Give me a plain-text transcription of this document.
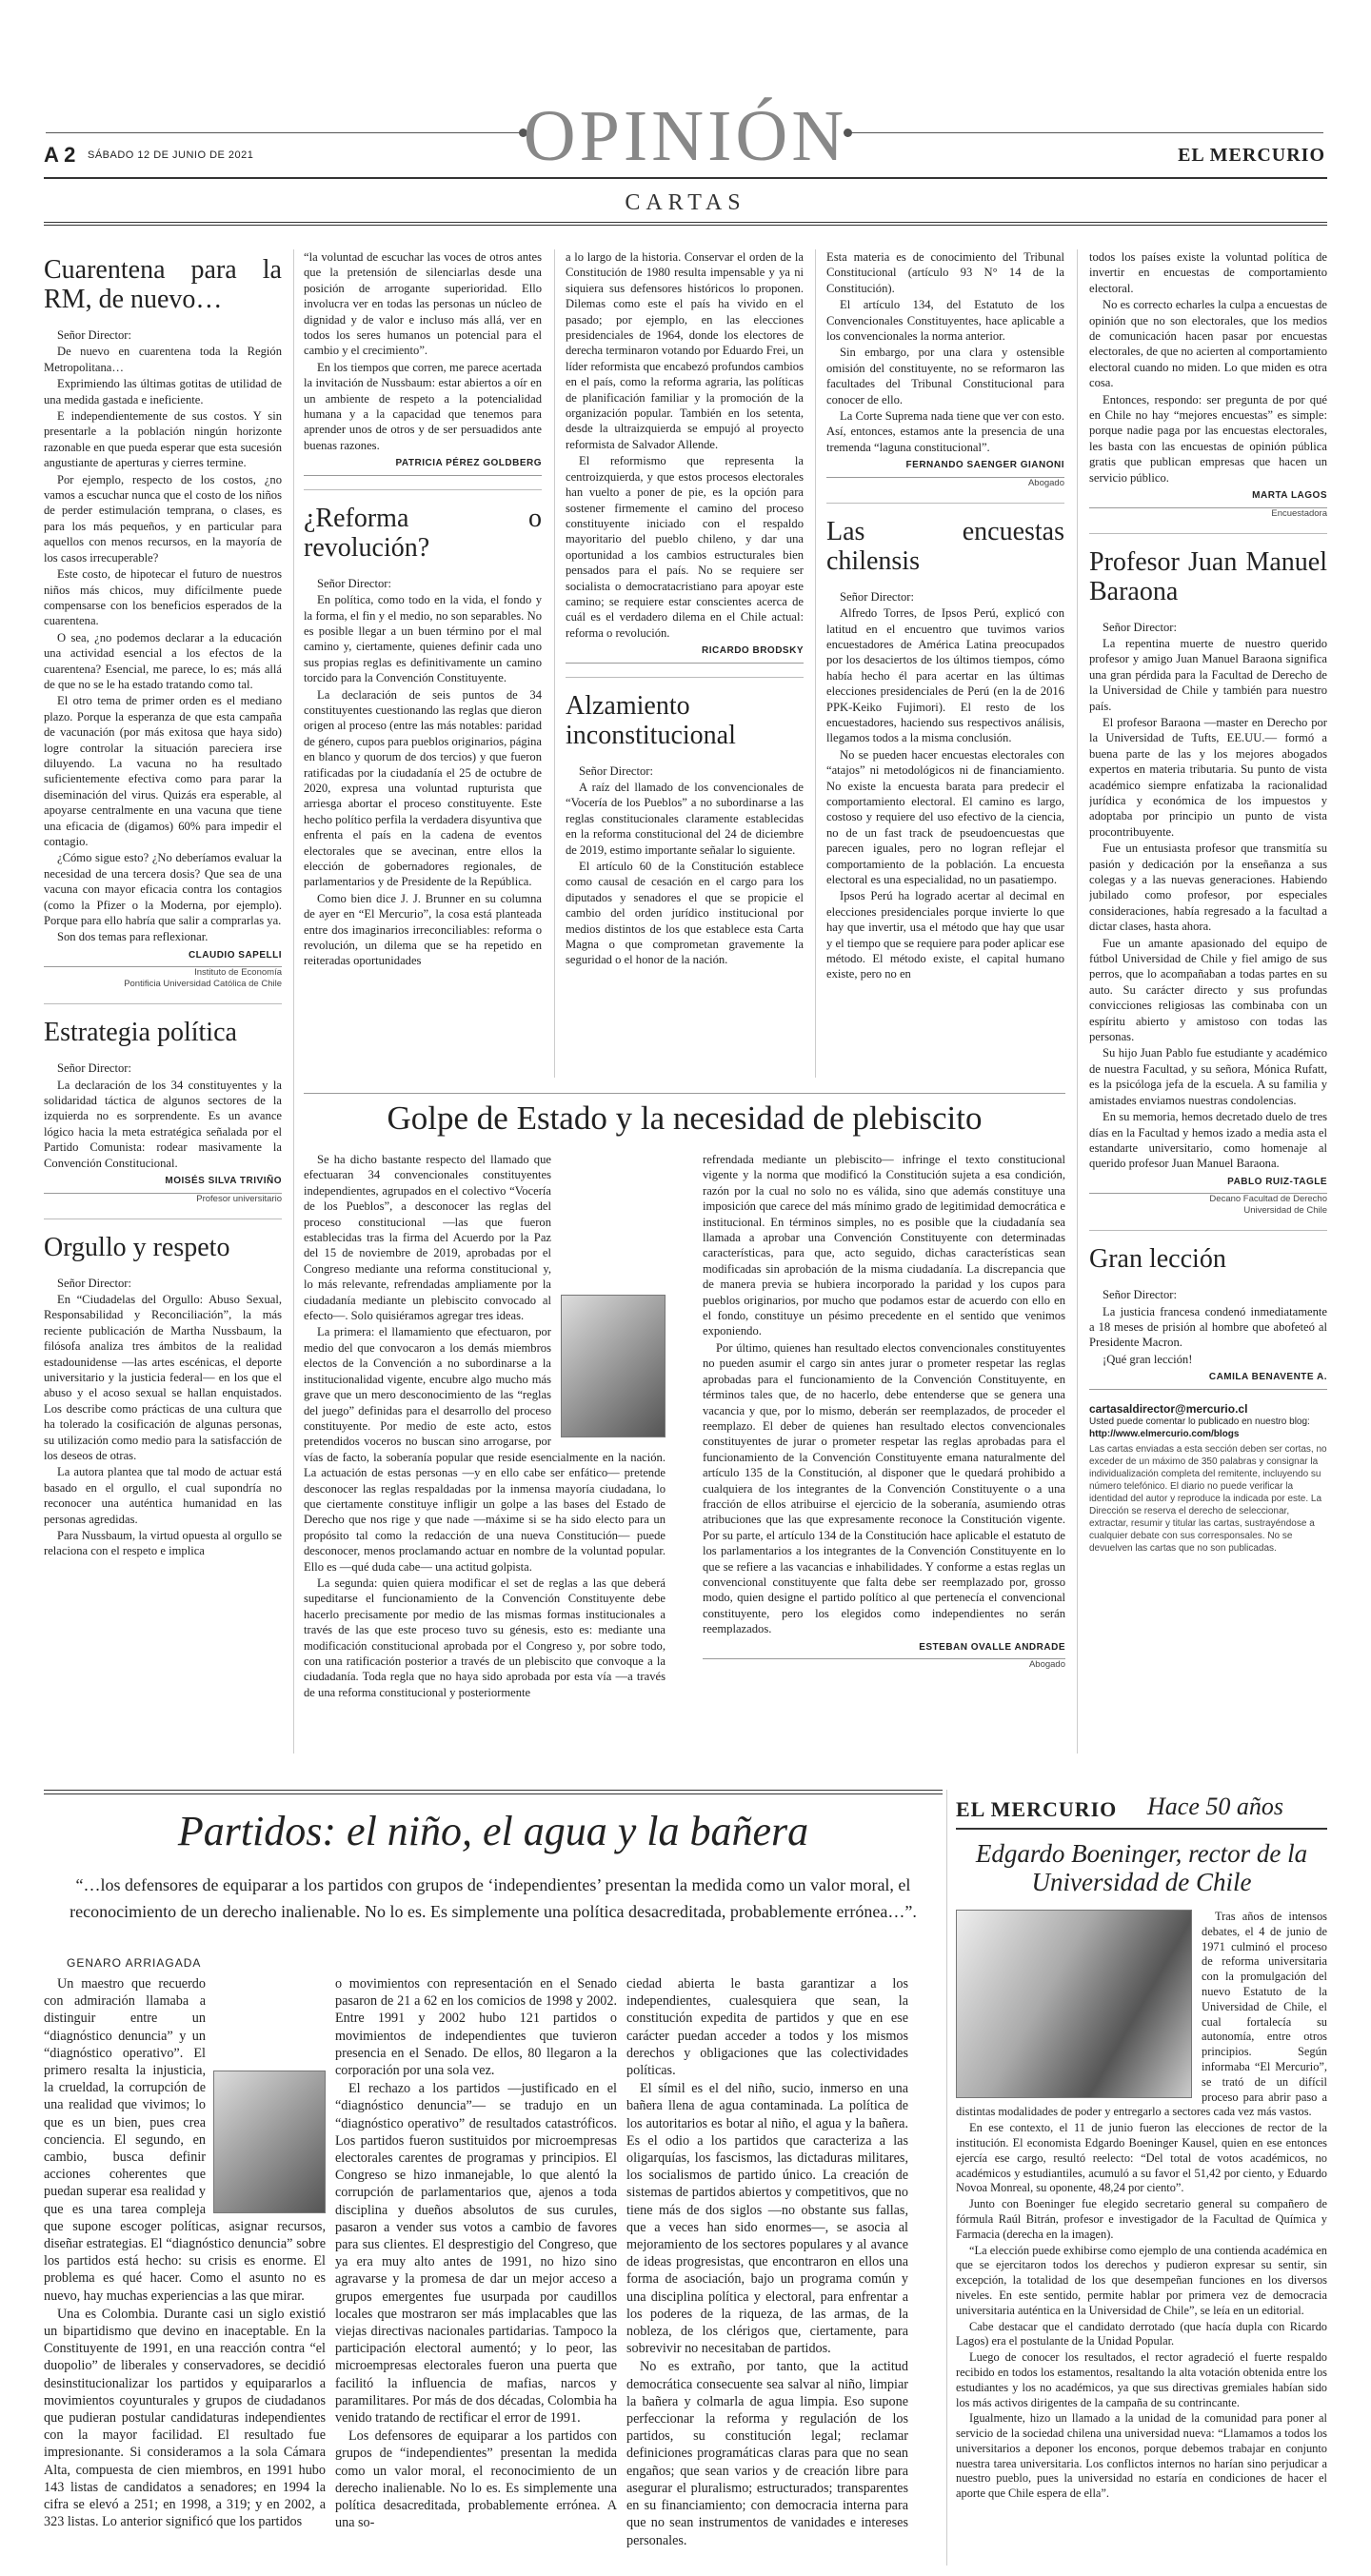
OPINIÓN
A 2 SÁBADO 12 DE JUNIO DE 2021	EL MERCURIO
CARTAS
Cuarentena para la RM, de nuevo…

Señor Director:

De nuevo en cuarentena toda la Región Metropolitana…

Exprimiendo las últimas gotitas de utilidad de una medida gastada e ineficiente.

E independientemente de sus costos. Y sin presentarle a la población ningún horizonte razonable en que pueda esperar que esta sucesión angustiante de aperturas y cierres termine.

Por ejemplo, respecto de los costos, ¿no vamos a escuchar nunca que el costo de los niños de perder estimulación temprana, o clases, es para los más pequeños, y en particular para aquellos con menos recursos, en la mayoría de los casos irrecuperable?

Este costo, de hipotecar el futuro de nuestros niños más chicos, muy difícilmente puede compensarse con los beneficios esperados de la cuarentena.

O sea, ¿no podemos declarar a la educación una actividad esencial a los efectos de la cuarentena? Esencial, me parece, lo es; más allá de que no se le ha estado tratando como tal.

El otro tema de primer orden es el mediano plazo. Porque la esperanza de que esta campaña de vacunación (por más exitosa que haya sido) logre controlar la situación pareciera irse diluyendo. La vacuna no ha resultado suficientemente efectiva como para parar la diseminación del virus. Quizás era esperable, al apoyarse centralmente en una vacuna que tiene una eficacia de (digamos) 60% para impedir el contagio.

¿Cómo sigue esto? ¿No deberíamos evaluar la necesidad de una tercera dosis? Que sea de una vacuna con mayor eficacia contra los contagios (como la Pfizer o la Moderna, por ejemplo). Porque para ello habría que salir a comprarlas ya.

Son dos temas para reflexionar.

CLAUDIO SAPELLI
Instituto de Economía
Pontificia Universidad Católica de Chile
Estrategia política

Señor Director:

La declaración de los 34 constituyentes y la solidaridad táctica de algunos sectores de la izquierda no es sorprendente. Es un avance lógico hacia la meta estratégica señalada por el Partido Comunista: rodear masivamente la Convención Constitucional.

MOISÉS SILVA TRIVIÑO
Profesor universitario
Orgullo y respeto

Señor Director:

En “Ciudadelas del Orgullo: Abuso Sexual, Responsabilidad y Reconciliación”, la más reciente publicación de Martha Nussbaum, la filósofa analiza tres ámbitos de la realidad estadounidense —las artes escénicas, el deporte universitario y la justicia federal— en los que el abuso y el acoso sexual se hallan enquistados. Los describe como prácticas de una cultura que ha tolerado la cosificación de algunas personas, su utilización como medio para la satisfacción de los deseos de otras.

La autora plantea que tal modo de actuar está basado en el orgullo, el cual supondría no reconocer una auténtica humanidad en las personas agredidas.

Para Nussbaum, la virtud opuesta al orgullo se relaciona con el respeto e implica

“la voluntad de escuchar las voces de otros antes que la pretensión de silenciarlas desde una posición de arrogante superioridad. Ello involucra ver en todas las personas un núcleo de dignidad y de valor e incluso más allá, ver en todos los seres humanos un potencial para el cambio y el crecimiento”.

En los tiempos que corren, me parece acertada la invitación de Nussbaum: estar abiertos a oír en un ambiente de respeto a la potencialidad humana y a la capacidad que tenemos para aprender unos de otros y de ser persuadidos ante buenas razones.

PATRICIA PÉREZ GOLDBERG
¿Reforma o revolución?

Señor Director:

En política, como todo en la vida, el fondo y la forma, el fin y el medio, no son separables. No es posible llegar a un buen término por el mal camino y, ciertamente, quienes definir cada uno sus propias reglas es definitivamente un camino torcido para la Convención Constituyente.

La declaración de seis puntos de 34 constituyentes cuestionando las reglas que dieron origen al proceso (entre las más notables: paridad de género, cupos para pueblos originarios, página en blanco y quorum de dos tercios) y que fueron ratificadas por la ciudadanía el 25 de octubre de 2020, expresa una voluntad rupturista que arriesga abortar el proceso constituyente. Este hecho político perfila la verdadera disyuntiva que enfrenta el país en la cadena de eventos electorales que se avecinan, entre ellos la elección de gobernadores regionales, de parlamentarios y de Presidente de la República.

Como bien dice J. J. Brunner en su columna de ayer en “El Mercurio”, la cosa está planteada entre dos imaginarios irreconciliables: reforma o revolución, un dilema que se ha repetido en reiteradas oportunidades

a lo largo de la historia. Conservar el orden de la Constitución de 1980 resulta impensable y ya ni siquiera sus defensores históricos lo proponen. Dilemas como este el país ha vivido en el pasado; por ejemplo, en las elecciones presidenciales de 1964, donde los electores de derecha terminaron votando por Eduardo Frei, un líder reformista que encabezó profundos cambios en el país, como la reforma agraria, las políticas de planificación familiar y la promoción de la organización popular. También en los setenta, desde la ultraizquierda se empujó al proyecto reformista de Salvador Allende.

El reformismo que representa la centroizquierda, y que estos procesos electorales han vuelto a poner de pie, es la opción para sostener firmemente el camino del proceso constituyente iniciado con el respaldo mayoritario del pueblo chileno, y dar una oportunidad a los cambios estructurales bien pensados para el país. No se requiere ser socialista o democratacristiano para apoyar este camino; se requiere estar conscientes acerca de cuál es el verdadero dilema en el Chile actual: reforma o revolución.

RICARDO BRODSKY
Alzamiento inconstitucional

Señor Director:

A raíz del llamado de los convencionales de “Vocería de los Pueblos” a no subordinarse a las reglas constitucionales claramente establecidas en la reforma constitucional del 24 de diciembre de 2019, estimo importante señalar lo siguiente.

El artículo 60 de la Constitución establece como causal de cesación en el cargo para los diputados y senadores el que se propicie el cambio del orden jurídico institucional por medios distintos de los que establece esta Carta Magna o que comprometan gravemente la seguridad o el honor de la nación.

Esta materia es de conocimiento del Tribunal Constitucional (artículo 93 N° 14 de la Constitución).

El artículo 134, del Estatuto de los Convencionales Constituyentes, hace aplicable a los convencionales la norma anterior.

Sin embargo, por una clara y ostensible omisión del constituyente, no se reformaron las facultades del Tribunal Constitucional para conocer de ello.

La Corte Suprema nada tiene que ver con esto. Así, entonces, estamos ante la presencia de una tremenda “laguna constitucional”.

FERNANDO SAENGER GIANONI
Abogado
Las encuestas chilensis

Señor Director:

Alfredo Torres, de Ipsos Perú, explicó con latitud en el encuentro que tuvimos varios encuestadores de América Latina preocupados por los desaciertos de los últimos tiempos, cómo había hecho él para acertar en las últimas elecciones presidenciales de Perú (en la de 2016 PPK-Keiko Fujimori). El resto de los encuestadores, haciendo sus respectivos análisis, llegamos todos a la misma conclusión.

No se pueden hacer encuestas electorales con “atajos” ni metodológicos ni de financiamiento. No existe la encuesta barata para predecir el comportamiento electoral. El camino es largo, costoso y requiere del uso efectivo de la ciencia, no de un fast track de pseudoencuestas que parecen iguales, pero no logran reflejar el comportamiento de la población. La encuesta electoral es una especialidad, no un pasatiempo.

Ipsos Perú ha logrado acertar al decimal en elecciones presidenciales porque invierte lo que hay que invertir, usa el método que hay que usar y el tiempo que se requiere para poder aplicar ese método. El método existe, el capital humano existe, pero no en

todos los países existe la voluntad política de invertir en encuestas de comportamiento electoral.

No es correcto echarles la culpa a encuestas de opinión que no son electorales, que los medios de comunicación hacen pasar por encuestas electorales, de que no acierten al comportamiento electoral cuando no miden. Lo que miden es otra cosa.

Entonces, respondo: ser pregunta de por qué en Chile no hay “mejores encuestas” es simple: porque nadie paga por las encuestas electorales, les basta con las encuestas de opinión pública gratis que publican empresas que hacen un servicio público.

MARTA LAGOS
Encuestadora
Profesor Juan Manuel Baraona

Señor Director:

La repentina muerte de nuestro querido profesor y amigo Juan Manuel Baraona significa una gran pérdida para la Facultad de Derecho de la Universidad de Chile y también para nuestro país.

El profesor Baraona —master en Derecho por la Universidad de Tufts, EE.UU.— formó a buena parte de las y los mejores abogados expertos en materia tributaria. Su punto de vista académico siempre enfatizaba la racionalidad jurídica y económica de los impuestos y adoptaba por principio un punto de vista procontribuyente.

Fue un entusiasta profesor que transmitía su pasión y dedicación por la enseñanza a sus colegas y a las nuevas generaciones. Habiendo jubilado como profesor, por especiales consideraciones, había regresado a la facultad a dictar clases, hasta ahora.

Fue un amante apasionado del equipo de fútbol Universidad de Chile y fiel amigo de sus perros, que lo acompañaban a todas partes en su auto. Su carácter directo y sus profundas convicciones religiosas las combinaba con un espíritu abierto y amistoso con todas las personas.

Su hijo Juan Pablo fue estudiante y académico de nuestra Facultad, y su señora, Mónica Rufatt, es la psicóloga jefa de la escuela. A su familia y amistades enviamos nuestras condolencias.

En su memoria, hemos decretado duelo de tres días en la Facultad y hemos izado a media asta el estandarte universitario, como homenaje al querido profesor Juan Manuel Baraona.

PABLO RUIZ-TAGLE
Decano Facultad de Derecho
Universidad de Chile
Gran lección

Señor Director:

La justicia francesa condenó inmediatamente a 18 meses de prisión al hombre que abofeteó al Presidente Macron.

¡Qué gran lección!

CAMILA BENAVENTE A.
cartasaldirector@mercurio.cl
Usted puede comentar lo publicado en nuestro blog:
http://www.elmercurio.com/blogs
Las cartas enviadas a esta sección deben ser cortas, no exceder de un máximo de 350 palabras y consignar la individualización completa del remitente, incluyendo su número telefónico. El diario no puede verificar la identidad del autor y reproduce la indicada por este. La Dirección se reserva el derecho de seleccionar, extractar, resumir y titular las cartas, sustrayéndose a cualquier debate con sus corresponsales. No se devuelven las cartas que no son publicadas.
Golpe de Estado y la necesidad de plebiscito

Se ha dicho bastante respecto del llamado que efectuaran 34 convencionales constituyentes independientes, agrupados en el colectivo “Vocería de los Pueblos”, a desconocer las reglas del proceso constitucional —las que fueron establecidas tras la firma del Acuerdo por la Paz del 15 de noviembre de 2019, aprobadas por el Congreso mediante una reforma constitucional y, lo más relevante, refrendadas ampliamente por la ciudadanía mediante un plebiscito convocado al efecto—. Solo quisiéramos agregar tres ideas.

La primera: el llamamiento que efectuaron, por medio del que convocaron a los demás miembros electos de la Convención a no subordinarse a la institucionalidad vigente, encubre algo mucho más grave que un mero desconocimiento de las “reglas del juego” definidas para el desarrollo del proceso constituyente. Por medio de este acto, estos pretendidos voceros no buscan sino arrogarse, por vías de facto, la soberanía popular que reside esencialmente en la nación. La actuación de estas personas —y en ello cabe ser enfático— pretende desconocer las reglas respaldadas por la inmensa mayoría ciudadana, lo que ciertamente constituye infligir un golpe a las bases del Estado de Derecho que nos rige y que nade —máxime si se ha sido electo para un propósito tal como la redacción de una nueva Constitución— puede desconocer, menos proclamando actuar en nombre de la voluntad popular. Ello es —qué duda cabe— una actitud golpista.

La segunda: quien quiera modificar el set de reglas a las que deberá supeditarse el funcionamiento de la Convención Constituyente debe hacerlo precisamente por medio de las mismas formas institucionales a través de las que este proceso tuvo su génesis, esto es: mediante una modificación constitucional aprobada por el Congreso y, por sobre todo, con una ratificación posterior a través de un plebiscito que convoque a la ciudadanía. Toda regla que no haya sido aprobada por esta vía —a través de una reforma constitucional y posteriormente

refrendada mediante un plebiscito— infringe el texto constitucional vigente y la norma que modificó la Constitución sujeta a esa condición, razón por la cual no solo no es válida, sino que además constituye una imposición que carece del más mínimo grado de legitimidad democrática e institucional. En términos simples, no es posible que la ciudadanía sea llamada a aprobar una Convención Constituyente con determinadas características, para que, acto seguido, dichas características sean modificadas sin aprobación de la misma ciudadanía. La discrepancia que de manera previa se hubiera incorporado la paridad y los cupos para pueblos originarios, por mucho que podamos estar de acuerdo con ello en el fondo, constituye un pésimo precedente en el sentido que venimos exponiendo.

Por último, quienes han resultado electos convencionales constituyentes no pueden asumir el cargo sin antes jurar o prometer respetar las reglas aprobadas para el funcionamiento de la Convención Constituyente, en términos tales que, de no hacerlo, debe entenderse que se genera una vacancia y que, por lo mismo, deberán ser reemplazados, de proceder el reemplazo. El deber de quienes han resultado electos convencionales constituyentes de jurar o prometer respetar las reglas aprobadas para el funcionamiento de la Convención Constituyente emana naturalmente del artículo 135 de la Constitución, al disponer que le quedará prohibido a cualquiera de los integrantes de la Convención Constituyente o a una fracción de ellos atribuirse el ejercicio de la soberanía, asumiendo otras atribuciones que las que expresamente reconoce la Constitución vigente. Por su parte, el artículo 134 de la Constitución hace aplicable el estatuto de los parlamentarios a los integrantes de la Convención Constituyente en lo que se refiere a las vacancias e inhabilidades. Y conforme a estas reglas un convencional constituyente que falta debe ser reemplazado por, grosso modo, quien designe el partido político al que pertenecía el convencional constituyente, pero los elegidos como independientes no serán reemplazados.

ESTEBAN OVALLE ANDRADE
Abogado
Partidos: el niño, el agua y la bañera
“…los defensores de equiparar a los partidos con grupos de ‘independientes’ presentan la medida como un valor moral, el reconocimiento de un derecho inalienable. No lo es. Es simplemente una política desacreditada, probablemente errónea…”.
GENARO ARRIAGADA

Un maestro que recuerdo con admiración llamaba a distinguir entre un “diagnóstico denuncia” y un “diagnóstico operativo”. El primero resalta la injusticia, la crueldad, la corrupción de una realidad que vivimos; lo que es un bien, pues crea conciencia. El segundo, en cambio, busca definir acciones coherentes que puedan superar esa realidad y que es una tarea compleja que supone escoger políticas, asignar recursos, diseñar estrategias. El “diagnóstico denuncia” sobre los partidos está hecho: su crisis es enorme. El problema es qué hacer. Como el asunto no es nuevo, hay muchas experiencias a las que mirar.

Una es Colombia. Durante casi un siglo existió un bipartidismo que devino en inaceptable. En la Constituyente de 1991, en una reacción contra “el duopolio” de liberales y conservadores, se decidió desinstitucionalizar los partidos y equipararlos a movimientos coyunturales y grupos de ciudadanos que pudieran postular candidaturas independientes con la mayor facilidad. El resultado fue impresionante. Si consideramos a la sola Cámara Alta, compuesta de cien miembros, en 1991 hubo 143 listas de candidatos a senadores; en 1994 la cifra se elevó a 251; en 1998, a 319; y en 2002, a 323 listas. Lo anterior significó que los partidos

o movimientos con representación en el Senado pasaron de 21 a 62 en los comicios de 1998 y 2002. Entre 1991 y 2002 hubo 121 partidos o movimientos de independientes que tuvieron presencia en el Senado. De ellos, 80 llegaron a la corporación por una sola vez.

El rechazo a los partidos —justificado en el “diagnóstico denuncia”— se tradujo en un “diagnóstico operativo” de resultados catastróficos. Los partidos fueron sustituidos por microempresas electorales carentes de programas y principios. El Congreso se hizo inmanejable, lo que alentó la corrupción de parlamentarios que, ajenos a toda disciplina y dueños absolutos de sus curules, pasaron a vender sus votos a cambio de favores para sus clientes. El desprestigio del Congreso, que ya era muy alto antes de 1991, no hizo sino agravarse y la promesa de dar un mejor acceso a grupos emergentes fue usurpada por caudillos locales que mostraron ser más implacables que las viejas directivas nacionales partidarias. Tampoco la participación electoral aumentó; y lo peor, las microempresas electorales fueron una puerta que facilitó la influencia de mafias, narcos y paramilitares. Por más de dos décadas, Colombia ha venido tratando de rectificar el error de 1991.

Los defensores de equiparar a los partidos con grupos de “independientes” presentan la medida como un valor moral, el reconocimiento de un derecho inalienable. No lo es. Es simplemente una política desacreditada, probablemente errónea. A una so-

ciedad abierta le basta garantizar a los independientes, cualesquiera que sean, la constitución expedita de partidos y que en ese carácter puedan acceder a todos y los mismos derechos y obligaciones que las colectividades políticas.

El símil es el del niño, sucio, inmerso en una bañera llena de agua contaminada. La política de los autoritarios es botar al niño, el agua y la bañera. Es el odio a los partidos que caracteriza a las oligarquías, los fascismos, las dictaduras militares, los socialismos de partido único. La creación de sistemas de partidos abiertos y competitivos, que no tiene más de dos siglos —no obstante sus fallas, que a veces han sido enormes—, se asocia al mejoramiento de los sectores populares y al avance de ideas progresistas, que encontraron en ellos una forma de asociación, bajo un programa común y una disciplina política y electoral, para enfrentar a los poderes de la riqueza, de las armas, de la nobleza, de los clérigos que, ciertamente, para sobrevivir no necesitaban de partidos.

No es extraño, por tanto, que la actitud democrática consecuente sea salvar al niño, limpiar la bañera y colmarla de agua limpia. Eso supone perfeccionar la reforma y regulación de los partidos, su constitución legal; reclamar definiciones programáticas claras para que no sean engaños; que sean varios y de creación libre para asegurar el pluralismo; estructurados; transparentes en su financiamiento; con democracia interna para que no sean instrumentos de vanidades e intereses personales.

EL MERCURIO Hace 50 años
Edgardo Boeninger, rector de la Universidad de Chile

Tras años de intensos debates, el 4 de junio de 1971 culminó el proceso de reforma universitaria con la promulgación del nuevo Estatuto de la Universidad de Chile, el cual fortalecía su autonomía, entre otros principios. Según informaba “El Mercurio”, se trató de un difícil proceso para abrir paso a distintas modalidades de poder y entregarlo a sectores cada vez más vastos.

En ese contexto, el 11 de junio fueron las elecciones de rector de la institución. El economista Edgardo Boeninger Kausel, quien en ese entonces ejercía ese cargo, resultó reelecto: “Del total de votos académicos, no académicos y estudiantiles, acumuló a su favor el 51,42 por ciento, y Eduardo Novoa Monreal, su oponente, 48,24 por ciento”.

Junto con Boeninger fue elegido secretario general su compañero de fórmula Raúl Bitrán, profesor e investigador de la Facultad de Química y Farmacia (derecha en la imagen).

“La elección puede exhibirse como ejemplo de una contienda académica en que se ejercitaron todos los derechos y pudieron expresar su sentir, sin excepción, la totalidad de los que desempeñan funciones en los diversos niveles. En este sentido, permite hablar por primera vez de democracia universitaria auténtica en la Universidad de Chile”, se leía en un editorial.

Cabe destacar que el candidato derrotado (que hacía dupla con Ricardo Lagos) era el postulante de la Unidad Popular.

Luego de conocer los resultados, el rector agradeció el fuerte respaldo recibido en todos los estamentos, resaltando la alta votación obtenida entre los estudiantes y los no académicos, ya que sus directivas gremiales habían sido los más activos dirigentes de la campaña de su contrincante.

Igualmente, hizo un llamado a la unidad de la comunidad para poner al servicio de la sociedad chilena una universidad nueva: “Llamamos a todos los universitarios a deponer los enconos, porque debemos trabajar en conjunto nuestra tarea universitaria. Los conflictos internos no harían sino perjudicar a nuestro pueblo, pues la universidad no estaría en condiciones de hacer el aporte que Chile espera de ella”.
